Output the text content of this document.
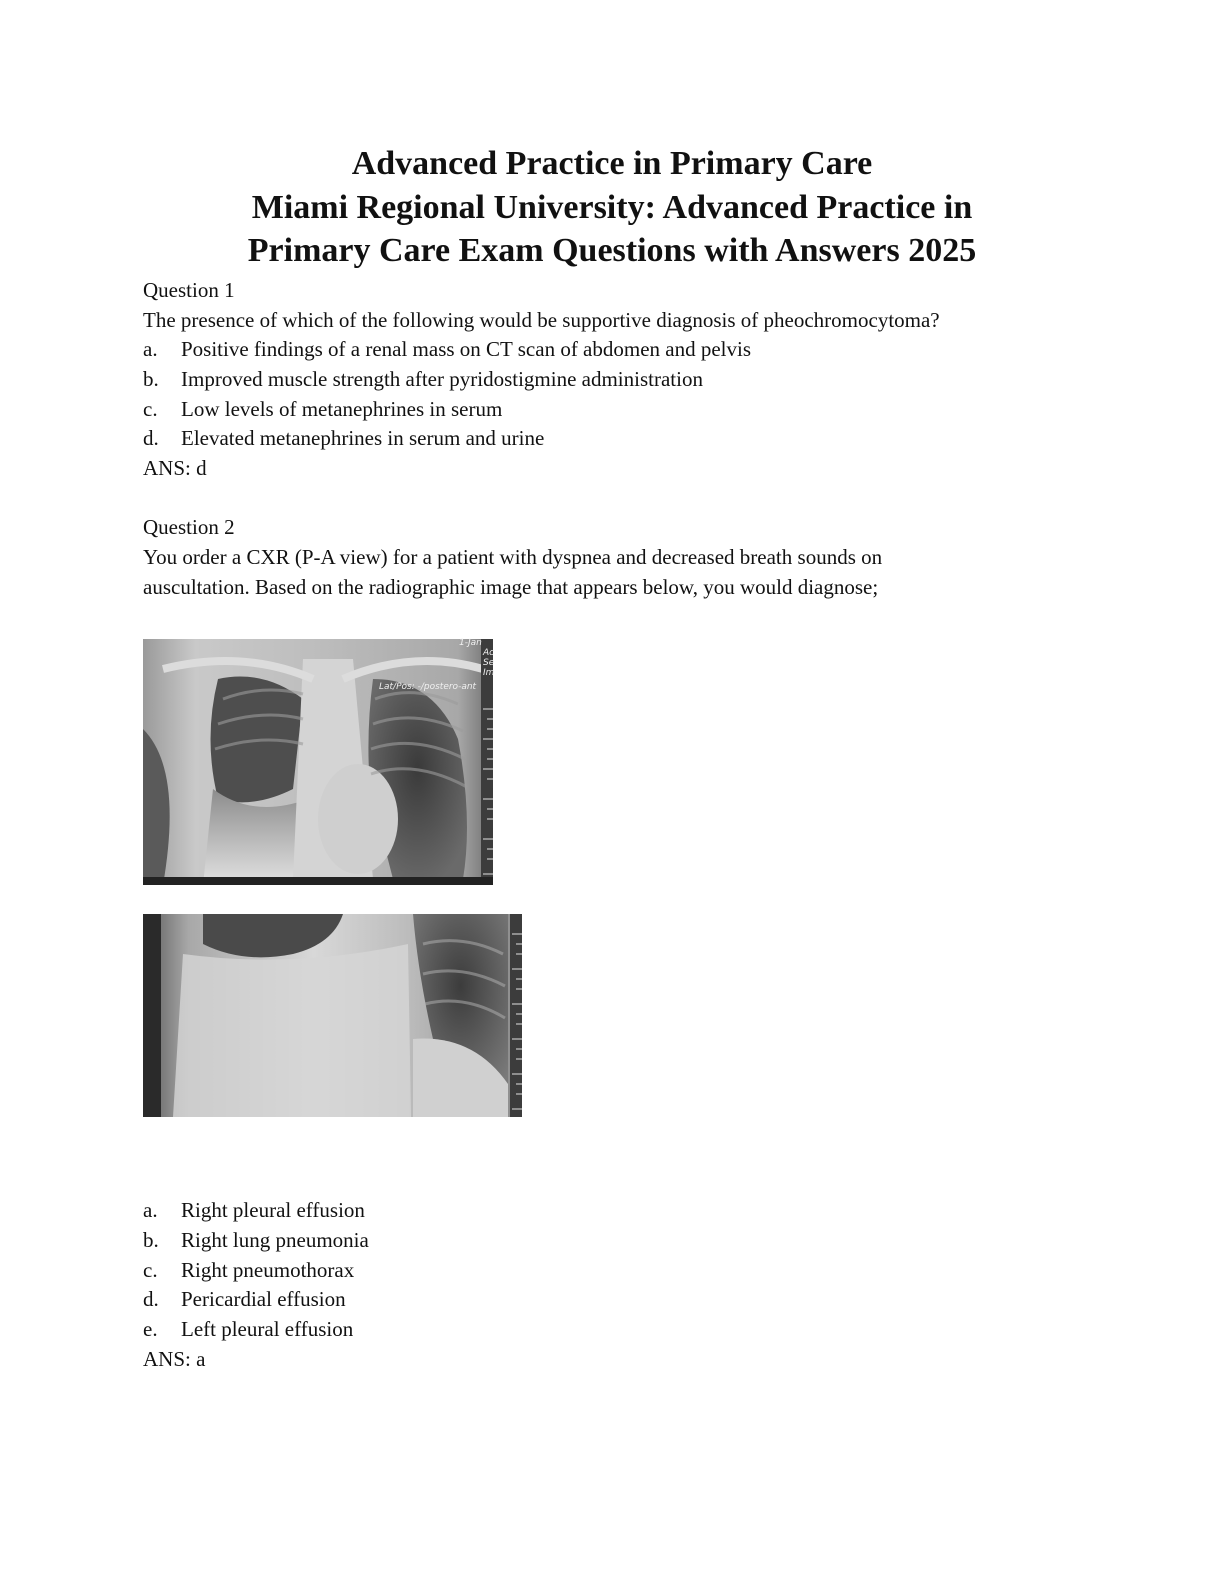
Advanced Practice in Primary Care
Miami Regional University: Advanced Practice in
Primary Care Exam Questions with Answers 2025
Question 1
The presence of which of the following would be supportive diagnosis of pheochromocytoma?
a. Positive findings of a renal mass on CT scan of abdomen and pelvis
b. Improved muscle strength after pyridostigmine administration
c. Low levels of metanephrines in serum
d. Elevated metanephrines in serum and urine
ANS: d
Question 2
You order a CXR (P-A view) for a patient with dyspnea and decreased breath sounds on
auscultation. Based on the radiographic image that appears below, you would diagnose;
1-Jan
Ac
Se
Im
Lat/Pos: -/postero-ant
a. Right pleural effusion
b. Right lung pneumonia
c. Right pneumothorax
d. Pericardial effusion
e. Left pleural effusion
ANS: a
